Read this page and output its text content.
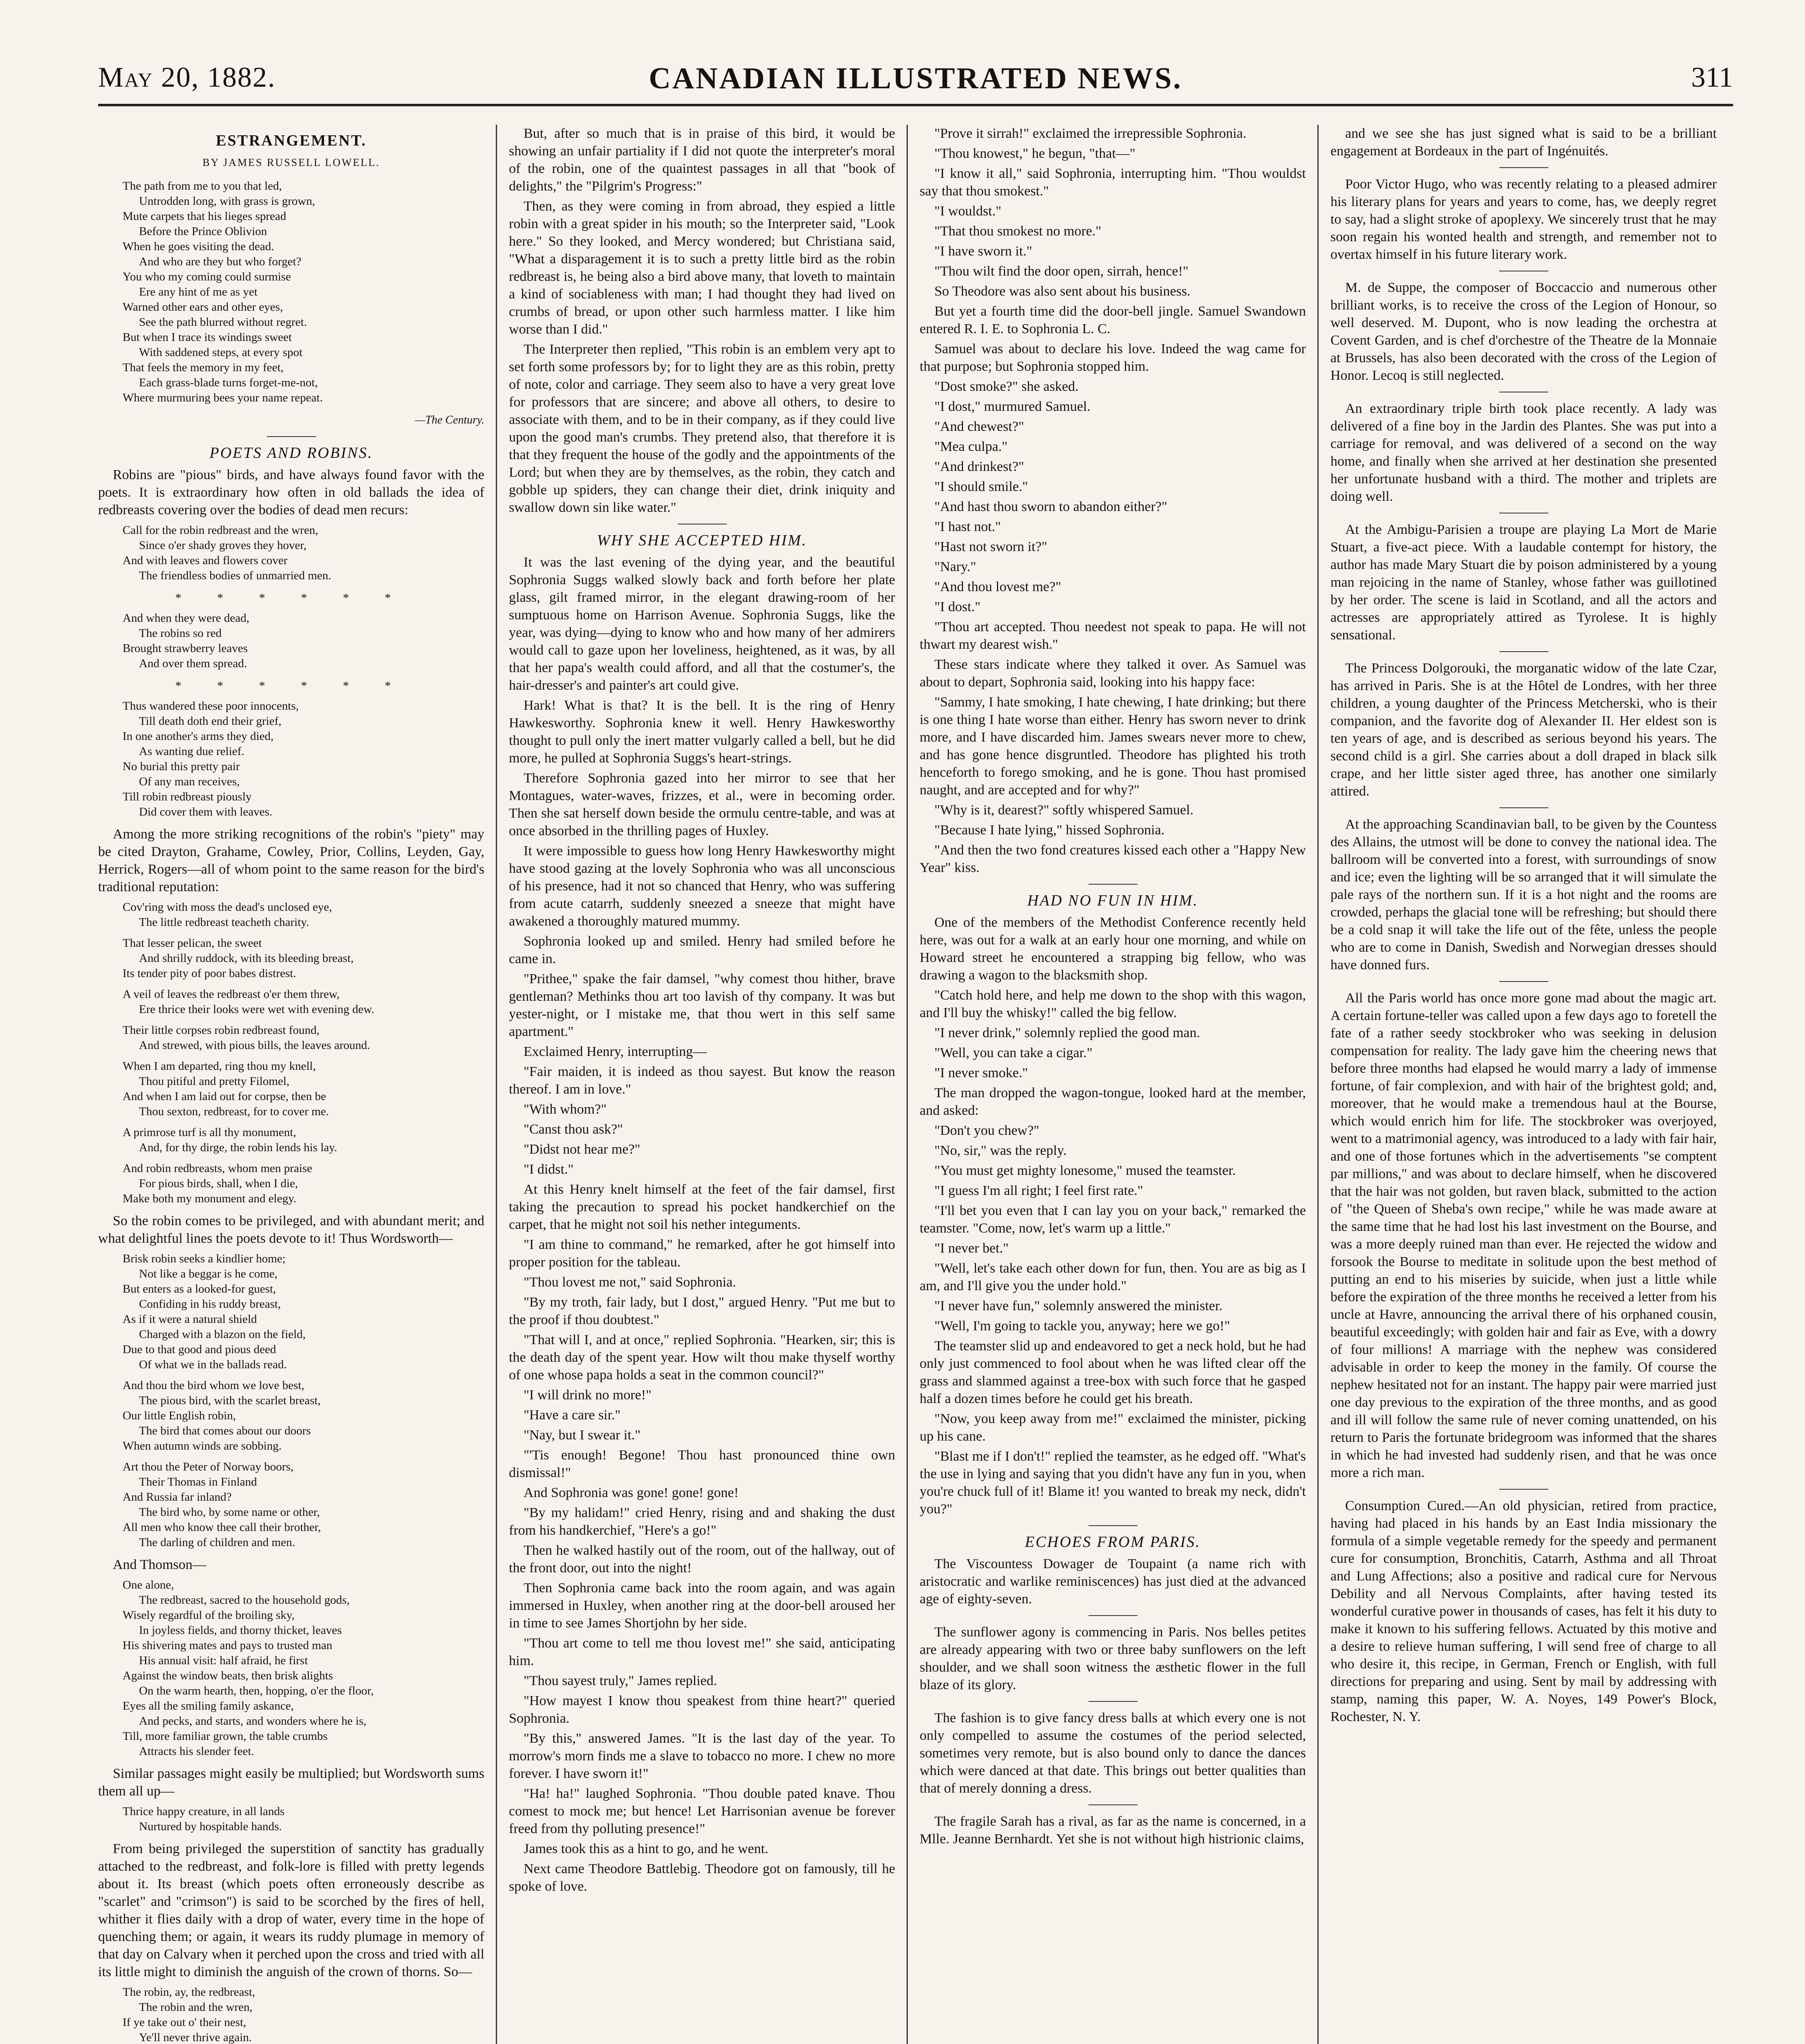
May 20, 1882.	CANADIAN ILLUSTRATED NEWS.	311
ESTRANGEMENT.
BY JAMES RUSSELL LOWELL.
The path from me to you that led,
Untrodden long, with grass is grown,
Mute carpets that his lieges spread
Before the Prince Oblivion
When he goes visiting the dead.
And who are they but who forget?
You who my coming could surmise
Ere any hint of me as yet
Warned other ears and other eyes,
See the path blurred without regret.
But when I trace its windings sweet
With saddened steps, at every spot
That feels the memory in my feet,
Each grass-blade turns forget-me-not,
Where murmuring bees your name repeat.
—The Century.
POETS AND ROBINS.

Robins are "pious" birds, and have always found favor with the poets. It is extraordinary how often in old ballads the idea of redbreasts covering over the bodies of dead men recurs:

Call for the robin redbreast and the wren,
Since o'er shady groves they hover,
And with leaves and flowers cover
The friendless bodies of unmarried men.
* * * * * *
And when they were dead,
The robins so red
Brought strawberry leaves
And over them spread.
* * * * * *
Thus wandered these poor innocents,
Till death doth end their grief,
In one another's arms they died,
As wanting due relief.
No burial this pretty pair
Of any man receives,
Till robin redbreast piously
Did cover them with leaves.

Among the more striking recognitions of the robin's "piety" may be cited Drayton, Grahame, Cowley, Prior, Collins, Leyden, Gay, Herrick, Rogers—all of whom point to the same reason for the bird's traditional reputation:

Cov'ring with moss the dead's unclosed eye,
The little redbreast teacheth charity.
That lesser pelican, the sweet
And shrilly ruddock, with its bleeding breast,
Its tender pity of poor babes distrest.
A veil of leaves the redbreast o'er them threw,
Ere thrice their looks were wet with evening dew.
Their little corpses robin redbreast found,
And strewed, with pious bills, the leaves around.
When I am departed, ring thou my knell,
Thou pitiful and pretty Filomel,
And when I am laid out for corpse, then be
Thou sexton, redbreast, for to cover me.
A primrose turf is all thy monument,
And, for thy dirge, the robin lends his lay.
And robin redbreasts, whom men praise
For pious birds, shall, when I die,
Make both my monument and elegy.

So the robin comes to be privileged, and with abundant merit; and what delightful lines the poets devote to it! Thus Wordsworth—

Brisk robin seeks a kindlier home;
Not like a beggar is he come,
But enters as a looked-for guest,
Confiding in his ruddy breast,
As if it were a natural shield
Charged with a blazon on the field,
Due to that good and pious deed
Of what we in the ballads read.
And thou the bird whom we love best,
The pious bird, with the scarlet breast,
Our little English robin,
The bird that comes about our doors
When autumn winds are sobbing.
Art thou the Peter of Norway boors,
Their Thomas in Finland
And Russia far inland?
The bird who, by some name or other,
All men who know thee call their brother,
The darling of children and men.

And Thomson—

One alone,
The redbreast, sacred to the household gods,
Wisely regardful of the broiling sky,
In joyless fields, and thorny thicket, leaves
His shivering mates and pays to trusted man
His annual visit: half afraid, he first
Against the window beats, then brisk alights
On the warm hearth, then, hopping, o'er the floor,
Eyes all the smiling family askance,
And pecks, and starts, and wonders where he is,
Till, more familiar grown, the table crumbs
Attracts his slender feet.

Similar passages might easily be multiplied; but Wordsworth sums them all up—

Thrice happy creature, in all lands
Nurtured by hospitable hands.

From being privileged the superstition of sanctity has gradually attached to the redbreast, and folk-lore is filled with pretty legends about it. Its breast (which poets often erroneously describe as "scarlet" and "crimson") is said to be scorched by the fires of hell, whither it flies daily with a drop of water, every time in the hope of quenching them; or again, it wears its ruddy plumage in memory of that day on Calvary when it perched upon the cross and tried with all its little might to diminish the anguish of the crown of thorns. So—

The robin, ay, the redbreast,
The robin and the wren,
If ye take out o' their nest,
Ye'll never thrive again.

But, after so much that is in praise of this bird, it would be showing an unfair partiality if I did not quote the interpreter's moral of the robin, one of the quaintest passages in all that "book of delights," the "Pilgrim's Progress:"

Then, as they were coming in from abroad, they espied a little robin with a great spider in his mouth; so the Interpreter said, "Look here." So they looked, and Mercy wondered; but Christiana said, "What a disparagement it is to such a pretty little bird as the robin redbreast is, he being also a bird above many, that loveth to maintain a kind of sociableness with man; I had thought they had lived on crumbs of bread, or upon other such harmless matter. I like him worse than I did."

The Interpreter then replied, "This robin is an emblem very apt to set forth some professors by; for to light they are as this robin, pretty of note, color and carriage. They seem also to have a very great love for professors that are sincere; and above all others, to desire to associate with them, and to be in their company, as if they could live upon the good man's crumbs. They pretend also, that therefore it is that they frequent the house of the godly and the appointments of the Lord; but when they are by themselves, as the robin, they catch and gobble up spiders, they can change their diet, drink iniquity and swallow down sin like water."

WHY SHE ACCEPTED HIM.

It was the last evening of the dying year, and the beautiful Sophronia Suggs walked slowly back and forth before her plate glass, gilt framed mirror, in the elegant drawing-room of her sumptuous home on Harrison Avenue. Sophronia Suggs, like the year, was dying—dying to know who and how many of her admirers would call to gaze upon her loveliness, heightened, as it was, by all that her papa's wealth could afford, and all that the costumer's, the hair-dresser's and painter's art could give.

Hark! What is that? It is the bell. It is the ring of Henry Hawkesworthy. Sophronia knew it well. Henry Hawkesworthy thought to pull only the inert matter vulgarly called a bell, but he did more, he pulled at Sophronia Suggs's heart-strings.

Therefore Sophronia gazed into her mirror to see that her Montagues, water-waves, frizzes, et al., were in becoming order. Then she sat herself down beside the ormulu centre-table, and was at once absorbed in the thrilling pages of Huxley.

It were impossible to guess how long Henry Hawkesworthy might have stood gazing at the lovely Sophronia who was all unconscious of his presence, had it not so chanced that Henry, who was suffering from acute catarrh, suddenly sneezed a sneeze that might have awakened a thoroughly matured mummy.

Sophronia looked up and smiled. Henry had smiled before he came in.

"Prithee," spake the fair damsel, "why comest thou hither, brave gentleman? Methinks thou art too lavish of thy company. It was but yester-night, or I mistake me, that thou wert in this self same apartment."

Exclaimed Henry, interrupting—

"Fair maiden, it is indeed as thou sayest. But know the reason thereof. I am in love."

"With whom?"

"Canst thou ask?"

"Didst not hear me?"

"I didst."

At this Henry knelt himself at the feet of the fair damsel, first taking the precaution to spread his pocket handkerchief on the carpet, that he might not soil his nether integuments.

"I am thine to command," he remarked, after he got himself into proper position for the tableau.

"Thou lovest me not," said Sophronia.

"By my troth, fair lady, but I dost," argued Henry. "Put me but to the proof if thou doubtest."

"That will I, and at once," replied Sophronia. "Hearken, sir; this is the death day of the spent year. How wilt thou make thyself worthy of one whose papa holds a seat in the common council?"

"I will drink no more!"

"Have a care sir."

"Nay, but I swear it."

"'Tis enough! Begone! Thou hast pronounced thine own dismissal!"

And Sophronia was gone! gone! gone!

"By my halidam!" cried Henry, rising and and shaking the dust from his handkerchief, "Here's a go!"

Then he walked hastily out of the room, out of the hallway, out of the front door, out into the night!

Then Sophronia came back into the room again, and was again immersed in Huxley, when another ring at the door-bell aroused her in time to see James Shortjohn by her side.

"Thou art come to tell me thou lovest me!" she said, anticipating him.

"Thou sayest truly," James replied.

"How mayest I know thou speakest from thine heart?" queried Sophronia.

"By this," answered James. "It is the last day of the year. To morrow's morn finds me a slave to tobacco no more. I chew no more forever. I have sworn it!"

"Ha! ha!" laughed Sophronia. "Thou double pated knave. Thou comest to mock me; but hence! Let Harrisonian avenue be forever freed from thy polluting presence!"

James took this as a hint to go, and he went.

Next came Theodore Battlebig. Theodore got on famously, till he spoke of love.

"Prove it sirrah!" exclaimed the irrepressible Sophronia.

"Thou knowest," he begun, "that—"

"I know it all," said Sophronia, interrupting him. "Thou wouldst say that thou smokest."

"I wouldst."

"That thou smokest no more."

"I have sworn it."

"Thou wilt find the door open, sirrah, hence!"

So Theodore was also sent about his business.

But yet a fourth time did the door-bell jingle. Samuel Swandown entered R. I. E. to Sophronia L. C.

Samuel was about to declare his love. Indeed the wag came for that purpose; but Sophronia stopped him.

"Dost smoke?" she asked.

"I dost," murmured Samuel.

"And chewest?"

"Mea culpa."

"And drinkest?"

"I should smile."

"And hast thou sworn to abandon either?"

"I hast not."

"Hast not sworn it?"

"Nary."

"And thou lovest me?"

"I dost."

"Thou art accepted. Thou needest not speak to papa. He will not thwart my dearest wish."

These stars indicate where they talked it over. As Samuel was about to depart, Sophronia said, looking into his happy face:

"Sammy, I hate smoking, I hate chewing, I hate drinking; but there is one thing I hate worse than either. Henry has sworn never to drink more, and I have discarded him. James swears never more to chew, and has gone hence disgruntled. Theodore has plighted his troth henceforth to forego smoking, and he is gone. Thou hast promised naught, and are accepted and for why?"

"Why is it, dearest?" softly whispered Samuel.

"Because I hate lying," hissed Sophronia.

"And then the two fond creatures kissed each other a "Happy New Year" kiss.

HAD NO FUN IN HIM.

One of the members of the Methodist Conference recently held here, was out for a walk at an early hour one morning, and while on Howard street he encountered a strapping big fellow, who was drawing a wagon to the blacksmith shop.

"Catch hold here, and help me down to the shop with this wagon, and I'll buy the whisky!" called the big fellow.

"I never drink," solemnly replied the good man.

"Well, you can take a cigar."

"I never smoke."

The man dropped the wagon-tongue, looked hard at the member, and asked:

"Don't you chew?"

"No, sir," was the reply.

"You must get mighty lonesome," mused the teamster.

"I guess I'm all right; I feel first rate."

"I'll bet you even that I can lay you on your back," remarked the teamster. "Come, now, let's warm up a little."

"I never bet."

"Well, let's take each other down for fun, then. You are as big as I am, and I'll give you the under hold."

"I never have fun," solemnly answered the minister.

"Well, I'm going to tackle you, anyway; here we go!"

The teamster slid up and endeavored to get a neck hold, but he had only just commenced to fool about when he was lifted clear off the grass and slammed against a tree-box with such force that he gasped half a dozen times before he could get his breath.

"Now, you keep away from me!" exclaimed the minister, picking up his cane.

"Blast me if I don't!" replied the teamster, as he edged off. "What's the use in lying and saying that you didn't have any fun in you, when you're chuck full of it! Blame it! you wanted to break my neck, didn't you?"

ECHOES FROM PARIS.

The Viscountess Dowager de Toupaint (a name rich with aristocratic and warlike reminiscences) has just died at the advanced age of eighty-seven.

The sunflower agony is commencing in Paris. Nos belles petites are already appearing with two or three baby sunflowers on the left shoulder, and we shall soon witness the æsthetic flower in the full blaze of its glory.

The fashion is to give fancy dress balls at which every one is not only compelled to assume the costumes of the period selected, sometimes very remote, but is also bound only to dance the dances which were danced at that date. This brings out better qualities than that of merely donning a dress.

The fragile Sarah has a rival, as far as the name is concerned, in a Mlle. Jeanne Bernhardt. Yet she is not without high histrionic claims,

and we see she has just signed what is said to be a brilliant engagement at Bordeaux in the part of Ingénuités.

Poor Victor Hugo, who was recently relating to a pleased admirer his literary plans for years and years to come, has, we deeply regret to say, had a slight stroke of apoplexy. We sincerely trust that he may soon regain his wonted health and strength, and remember not to overtax himself in his future literary work.

M. de Suppe, the composer of Boccaccio and numerous other brilliant works, is to receive the cross of the Legion of Honour, so well deserved. M. Dupont, who is now leading the orchestra at Covent Garden, and is chef d'orchestre of the Theatre de la Monnaie at Brussels, has also been decorated with the cross of the Legion of Honor. Lecoq is still neglected.

An extraordinary triple birth took place recently. A lady was delivered of a fine boy in the Jardin des Plantes. She was put into a carriage for removal, and was delivered of a second on the way home, and finally when she arrived at her destination she presented her unfortunate husband with a third. The mother and triplets are doing well.

At the Ambigu-Parisien a troupe are playing La Mort de Marie Stuart, a five-act piece. With a laudable contempt for history, the author has made Mary Stuart die by poison administered by a young man rejoicing in the name of Stanley, whose father was guillotined by her order. The scene is laid in Scotland, and all the actors and actresses are appropriately attired as Tyrolese. It is highly sensational.

The Princess Dolgorouki, the morganatic widow of the late Czar, has arrived in Paris. She is at the Hôtel de Londres, with her three children, a young daughter of the Princess Metcherski, who is their companion, and the favorite dog of Alexander II. Her eldest son is ten years of age, and is described as serious beyond his years. The second child is a girl. She carries about a doll draped in black silk crape, and her little sister aged three, has another one similarly attired.

At the approaching Scandinavian ball, to be given by the Countess des Allains, the utmost will be done to convey the national idea. The ballroom will be converted into a forest, with surroundings of snow and ice; even the lighting will be so arranged that it will simulate the pale rays of the northern sun. If it is a hot night and the rooms are crowded, perhaps the glacial tone will be refreshing; but should there be a cold snap it will take the life out of the fête, unless the people who are to come in Danish, Swedish and Norwegian dresses should have donned furs.

All the Paris world has once more gone mad about the magic art. A certain fortune-teller was called upon a few days ago to foretell the fate of a rather seedy stockbroker who was seeking in delusion compensation for reality. The lady gave him the cheering news that before three months had elapsed he would marry a lady of immense fortune, of fair complexion, and with hair of the brightest gold; and, moreover, that he would make a tremendous haul at the Bourse, which would enrich him for life. The stockbroker was overjoyed, went to a matrimonial agency, was introduced to a lady with fair hair, and one of those fortunes which in the advertisements "se comptent par millions," and was about to declare himself, when he discovered that the hair was not golden, but raven black, submitted to the action of "the Queen of Sheba's own recipe," while he was made aware at the same time that he had lost his last investment on the Bourse, and was a more deeply ruined man than ever. He rejected the widow and forsook the Bourse to meditate in solitude upon the best method of putting an end to his miseries by suicide, when just a little while before the expiration of the three months he received a letter from his uncle at Havre, announcing the arrival there of his orphaned cousin, beautiful exceedingly; with golden hair and fair as Eve, with a dowry of four millions! A marriage with the nephew was considered advisable in order to keep the money in the family. Of course the nephew hesitated not for an instant. The happy pair were married just one day previous to the expiration of the three months, and as good and ill will follow the same rule of never coming unattended, on his return to Paris the fortunate bridegroom was informed that the shares in which he had invested had suddenly risen, and that he was once more a rich man.

Consumption Cured.—An old physician, retired from practice, having had placed in his hands by an East India missionary the formula of a simple vegetable remedy for the speedy and permanent cure for consumption, Bronchitis, Catarrh, Asthma and all Throat and Lung Affections; also a positive and radical cure for Nervous Debility and all Nervous Complaints, after having tested its wonderful curative power in thousands of cases, has felt it his duty to make it known to his suffering fellows. Actuated by this motive and a desire to relieve human suffering, I will send free of charge to all who desire it, this recipe, in German, French or English, with full directions for preparing and using. Sent by mail by addressing with stamp, naming this paper, W. A. Noyes, 149 Power's Block, Rochester, N. Y.
